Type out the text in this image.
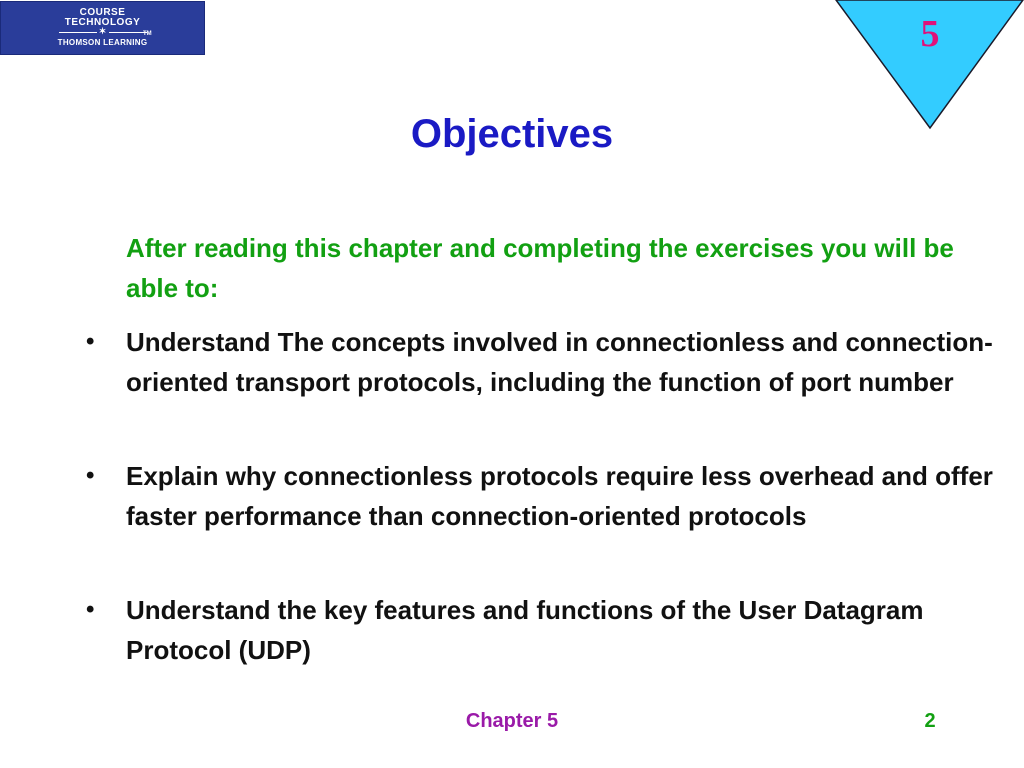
COURSE
TECHNOLOGY
✶
THOMSON LEARNING
TM	5
Objectives

After reading this chapter and completing the exercises you will be able to:

• Understand The concepts involved in connectionless and connection-oriented transport protocols, including the function of port number
• Explain why connectionless protocols require less overhead and offer faster performance than connection-oriented protocols
• Understand the key features and functions of the User Datagram Protocol (UDP)
Chapter 5	2
